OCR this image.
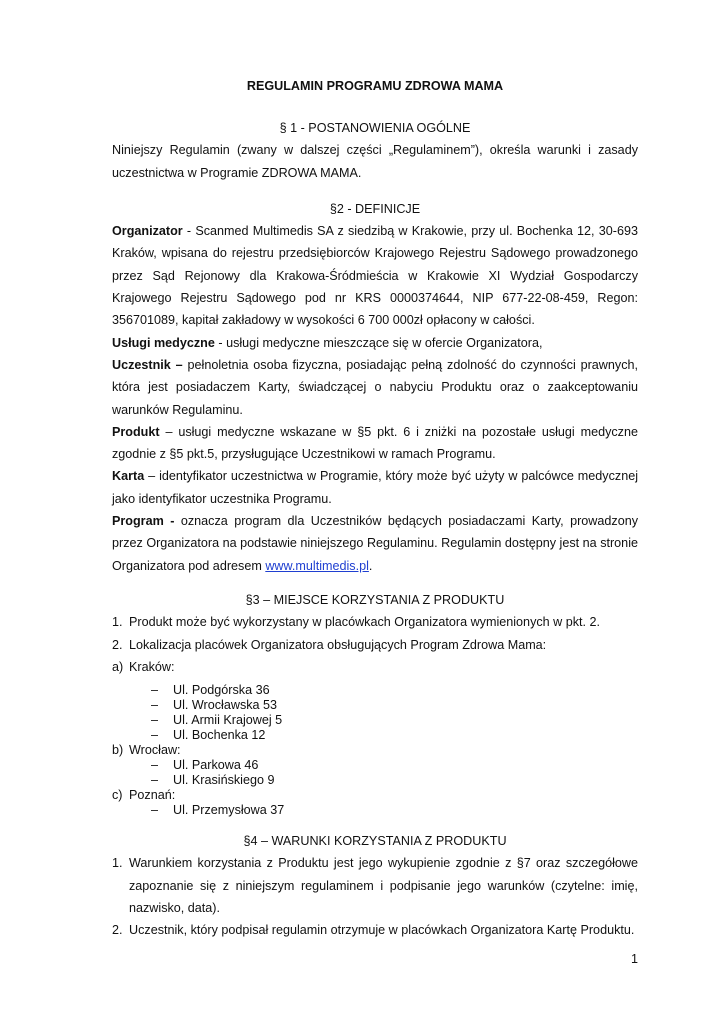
REGULAMIN PROGRAMU ZDROWA MAMA

§ 1 - POSTANOWIENIA OGÓLNE

Niniejszy Regulamin (zwany w dalszej części „Regulaminem”), określa warunki i zasady uczestnictwa w Programie ZDROWA MAMA.

§2 - DEFINICJE

Organizator - Scanmed Multimedis SA z siedzibą w Krakowie, przy ul. Bochenka 12, 30-693 Kraków, wpisana do rejestru przedsiębiorców Krajowego Rejestru Sądowego prowadzonego przez Sąd Rejonowy dla Krakowa-Śródmieścia w Krakowie XI Wydział Gospodarczy Krajowego Rejestru Sądowego pod nr KRS 0000374644, NIP 677-22-08-459, Regon: 356701089, kapitał zakładowy w wysokości 6 700 000zł opłacony w całości.

Usługi medyczne - usługi medyczne mieszczące się w ofercie Organizatora,

Uczestnik – pełnoletnia osoba fizyczna, posiadając pełną zdolność do czynności prawnych, która jest posiadaczem Karty, świadczącej o nabyciu Produktu oraz o zaakceptowaniu warunków Regulaminu.

Produkt – usługi medyczne wskazane w §5 pkt. 6 i zniżki na pozostałe usługi medyczne zgodnie z §5 pkt.5, przysługujące Uczestnikowi w ramach Programu.

Karta – identyfikator uczestnictwa w Programie, który może być użyty w palcówce medycznej jako identyfikator uczestnika Programu.

Program - oznacza program dla Uczestników będących posiadaczami Karty, prowadzony przez Organizatora na podstawie niniejszego Regulaminu. Regulamin dostępny jest na stronie Organizatora pod adresem www.multimedis.pl.

§3 – MIEJSCE KORZYSTANIA Z PRODUKTU

1. Produkt może być wykorzystany w placówkach Organizatora wymienionych w pkt. 2.
2. Lokalizacja placówek Organizatora obsługujących Program Zdrowa Mama:
a) Kraków:
–	Ul. Podgórska 36
–	Ul. Wrocławska 53
–	Ul. Armii Krajowej 5
–	Ul. Bochenka 12
b) Wrocław:
–	Ul. Parkowa 46
–	Ul. Krasińskiego 9
c) Poznań:
–	Ul. Przemysłowa 37

§4 – WARUNKI KORZYSTANIA Z PRODUKTU

1. Warunkiem korzystania z Produktu jest jego wykupienie zgodnie z §7 oraz szczegółowe zapoznanie się z niniejszym regulaminem i podpisanie jego warunków (czytelne: imię, nazwisko, data).
2. Uczestnik, który podpisał regulamin otrzymuje w placówkach Organizatora Kartę Produktu.
1
